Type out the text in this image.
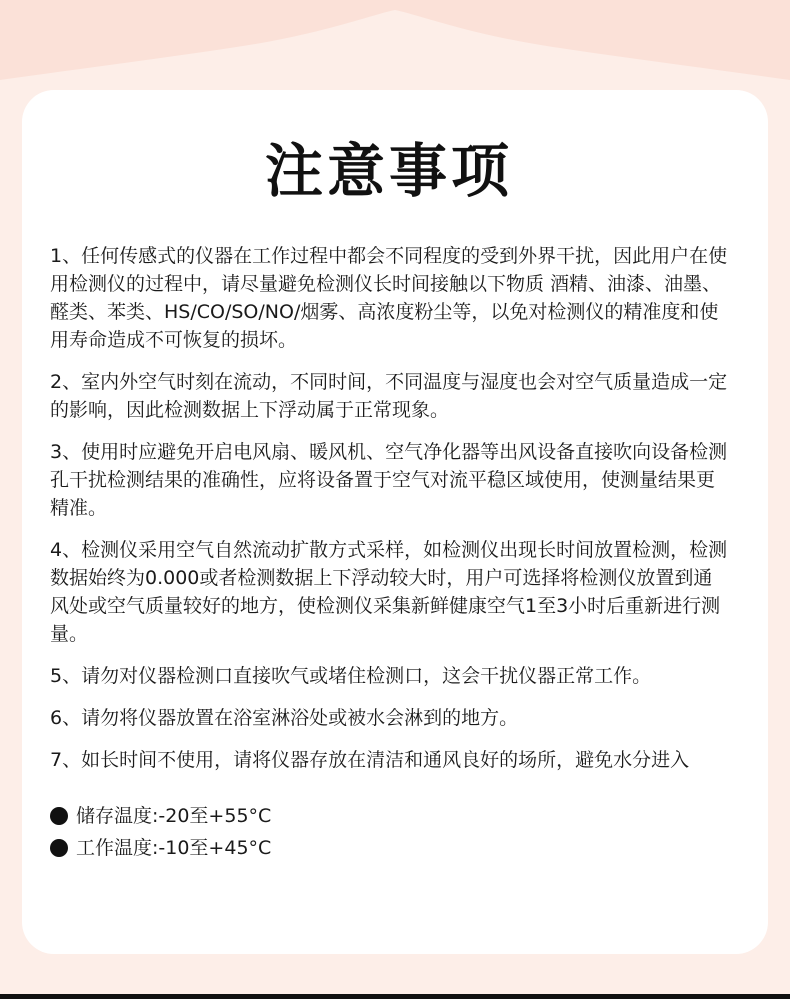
注意事项
1、任何传感式的仪器在工作过程中都会不同程度的受到外界干扰，因此用户在使用检测仪的过程中，请尽量避免检测仪长时间接触以下物质 酒精、油漆、油墨、醛类、苯类、HS/CO/SO/NO/烟雾、高浓度粉尘等，以免对检测仪的精准度和使用寿命造成不可恢复的损坏。
2、室内外空气时刻在流动，不同时间，不同温度与湿度也会对空气质量造成一定的影响，因此检测数据上下浮动属于正常现象。
3、使用时应避免开启电风扇、暖风机、空气净化器等出风设备直接吹向设备检测孔干扰检测结果的准确性，应将设备置于空气对流平稳区域使用，使测量结果更精准。
4、检测仪采用空气自然流动扩散方式采样，如检测仪出现长时间放置检测，检测数据始终为0.000或者检测数据上下浮动较大时，用户可选择将检测仪放置到通风处或空气质量较好的地方，使检测仪采集新鲜健康空气1至3小时后重新进行测量。
5、请勿对仪器检测口直接吹气或堵住检测口，这会干扰仪器正常工作。
6、请勿将仪器放置在浴室淋浴处或被水会淋到的地方。
7、如长时间不使用，请将仪器存放在清洁和通风良好的场所，避免水分进入
储存温度:-20至+55°C
工作温度:-10至+45°C
